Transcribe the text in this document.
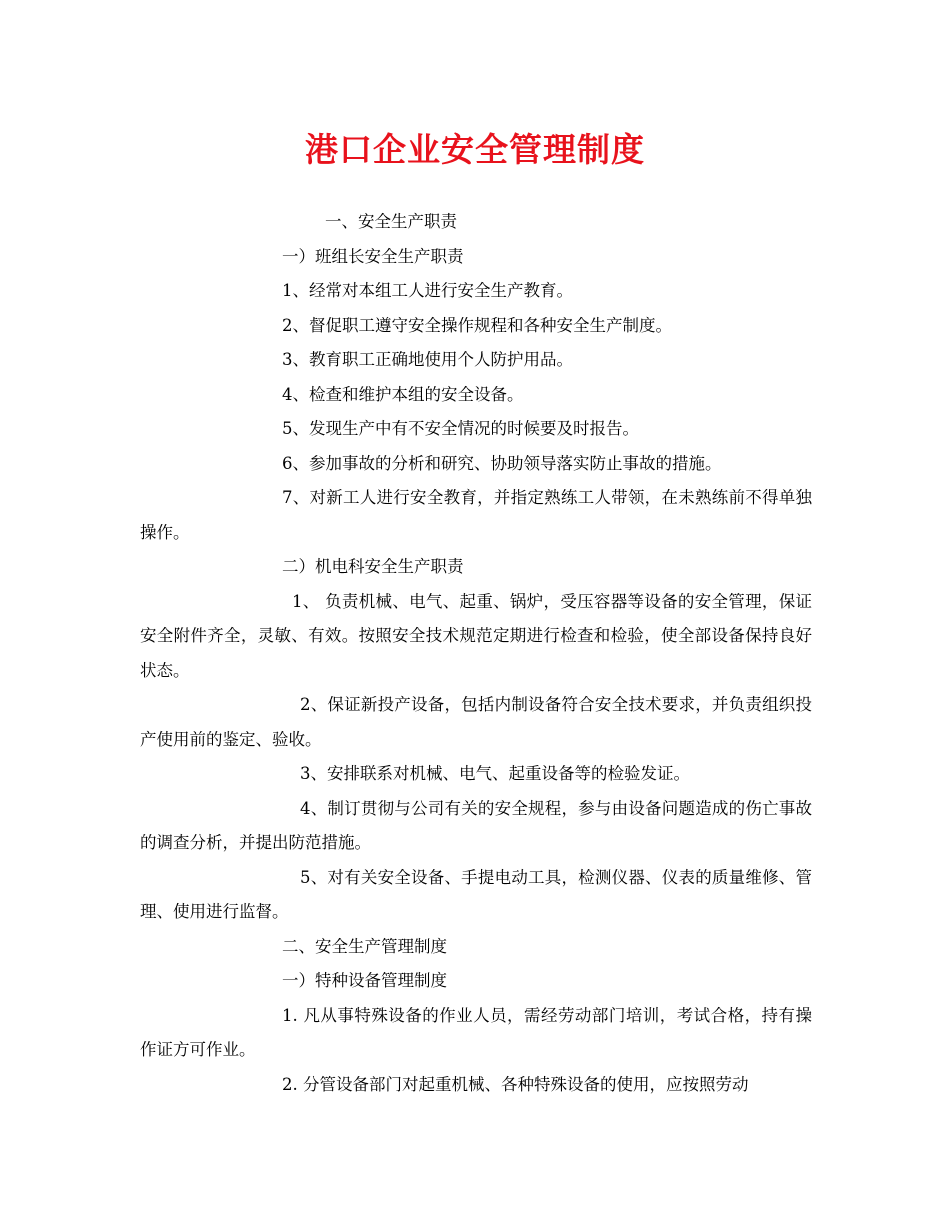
港口企业安全管理制度

一、安全生产职责

一）班组长安全生产职责

1、经常对本组工人进行安全生产教育。

2、督促职工遵守安全操作规程和各种安全生产制度。

3、教育职工正确地使用个人防护用品。

4、检查和维护本组的安全设备。

5、发现生产中有不安全情况的时候要及时报告。

6、参加事故的分析和研究、协助领导落实防止事故的措施。

7、对新工人进行安全教育，并指定熟练工人带领，在未熟练前不得单独操作。

二）机电科安全生产职责

1、 负责机械、电气、起重、锅炉，受压容器等设备的安全管理，保证安全附件齐全，灵敏、有效。按照安全技术规范定期进行检查和检验，使全部设备保持良好状态。

2、保证新投产设备，包括内制设备符合安全技术要求，并负责组织投产使用前的鉴定、验收。

3、安排联系对机械、电气、起重设备等的检验发证。

4、制订贯彻与公司有关的安全规程，参与由设备问题造成的伤亡事故的调查分析，并提出防范措施。

5、对有关安全设备、手提电动工具，检测仪器、仪表的质量维修、管理、使用进行监督。

二、安全生产管理制度

一）特种设备管理制度

1. 凡从事特殊设备的作业人员，需经劳动部门培训，考试合格，持有操作证方可作业。

2. 分管设备部门对起重机械、各种特殊设备的使用，应按照劳动
